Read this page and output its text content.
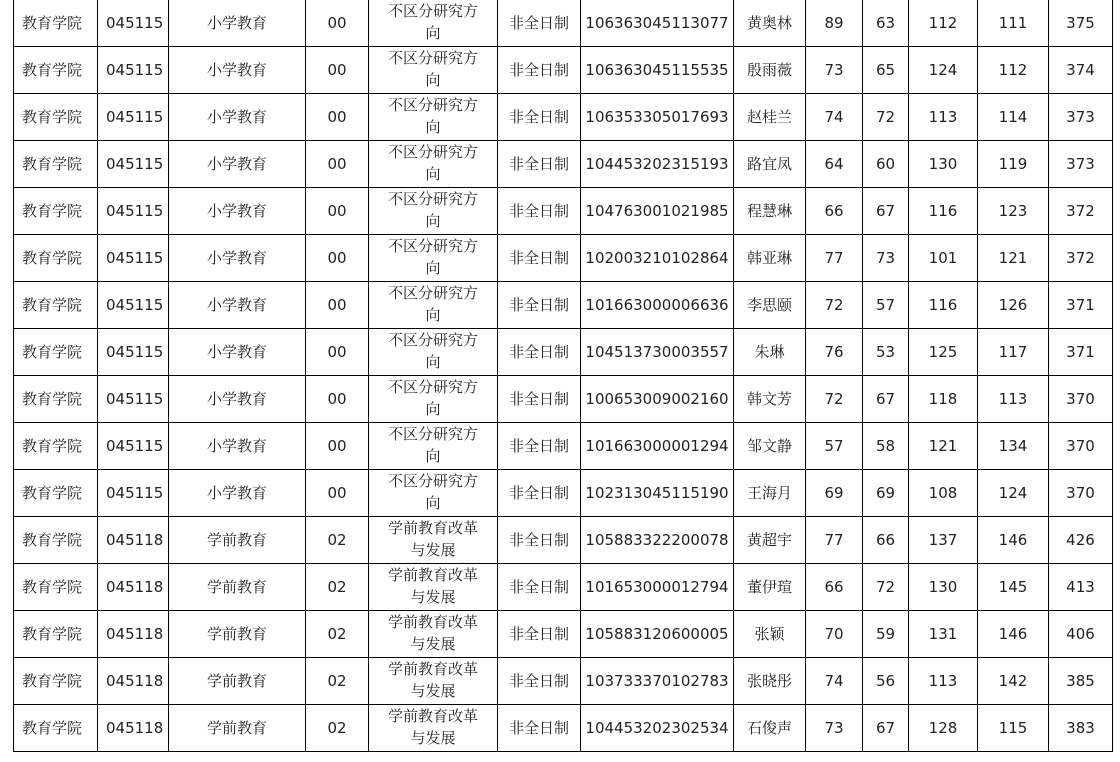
教育学院	045115	小学教育	00	不区分研究方向	非全日制	106363045113077	黄奥林	89	63	112	111	375
教育学院	045115	小学教育	00	不区分研究方向	非全日制	106363045115535	殷雨薇	73	65	124	112	374
教育学院	045115	小学教育	00	不区分研究方向	非全日制	106353305017693	赵桂兰	74	72	113	114	373
教育学院	045115	小学教育	00	不区分研究方向	非全日制	104453202315193	路宜凤	64	60	130	119	373
教育学院	045115	小学教育	00	不区分研究方向	非全日制	104763001021985	程慧琳	66	67	116	123	372
教育学院	045115	小学教育	00	不区分研究方向	非全日制	102003210102864	韩亚琳	77	73	101	121	372
教育学院	045115	小学教育	00	不区分研究方向	非全日制	101663000006636	李思颐	72	57	116	126	371
教育学院	045115	小学教育	00	不区分研究方向	非全日制	104513730003557	朱琳	76	53	125	117	371
教育学院	045115	小学教育	00	不区分研究方向	非全日制	100653009002160	韩文芳	72	67	118	113	370
教育学院	045115	小学教育	00	不区分研究方向	非全日制	101663000001294	邹文静	57	58	121	134	370
教育学院	045115	小学教育	00	不区分研究方向	非全日制	102313045115190	王海月	69	69	108	124	370
教育学院	045118	学前教育	02	学前教育改革与发展	非全日制	105883322200078	黄超宇	77	66	137	146	426
教育学院	045118	学前教育	02	学前教育改革与发展	非全日制	101653000012794	董伊瑄	66	72	130	145	413
教育学院	045118	学前教育	02	学前教育改革与发展	非全日制	105883120600005	张颖	70	59	131	146	406
教育学院	045118	学前教育	02	学前教育改革与发展	非全日制	103733370102783	张晓彤	74	56	113	142	385
教育学院	045118	学前教育	02	学前教育改革与发展	非全日制	104453202302534	石俊声	73	67	128	115	383
